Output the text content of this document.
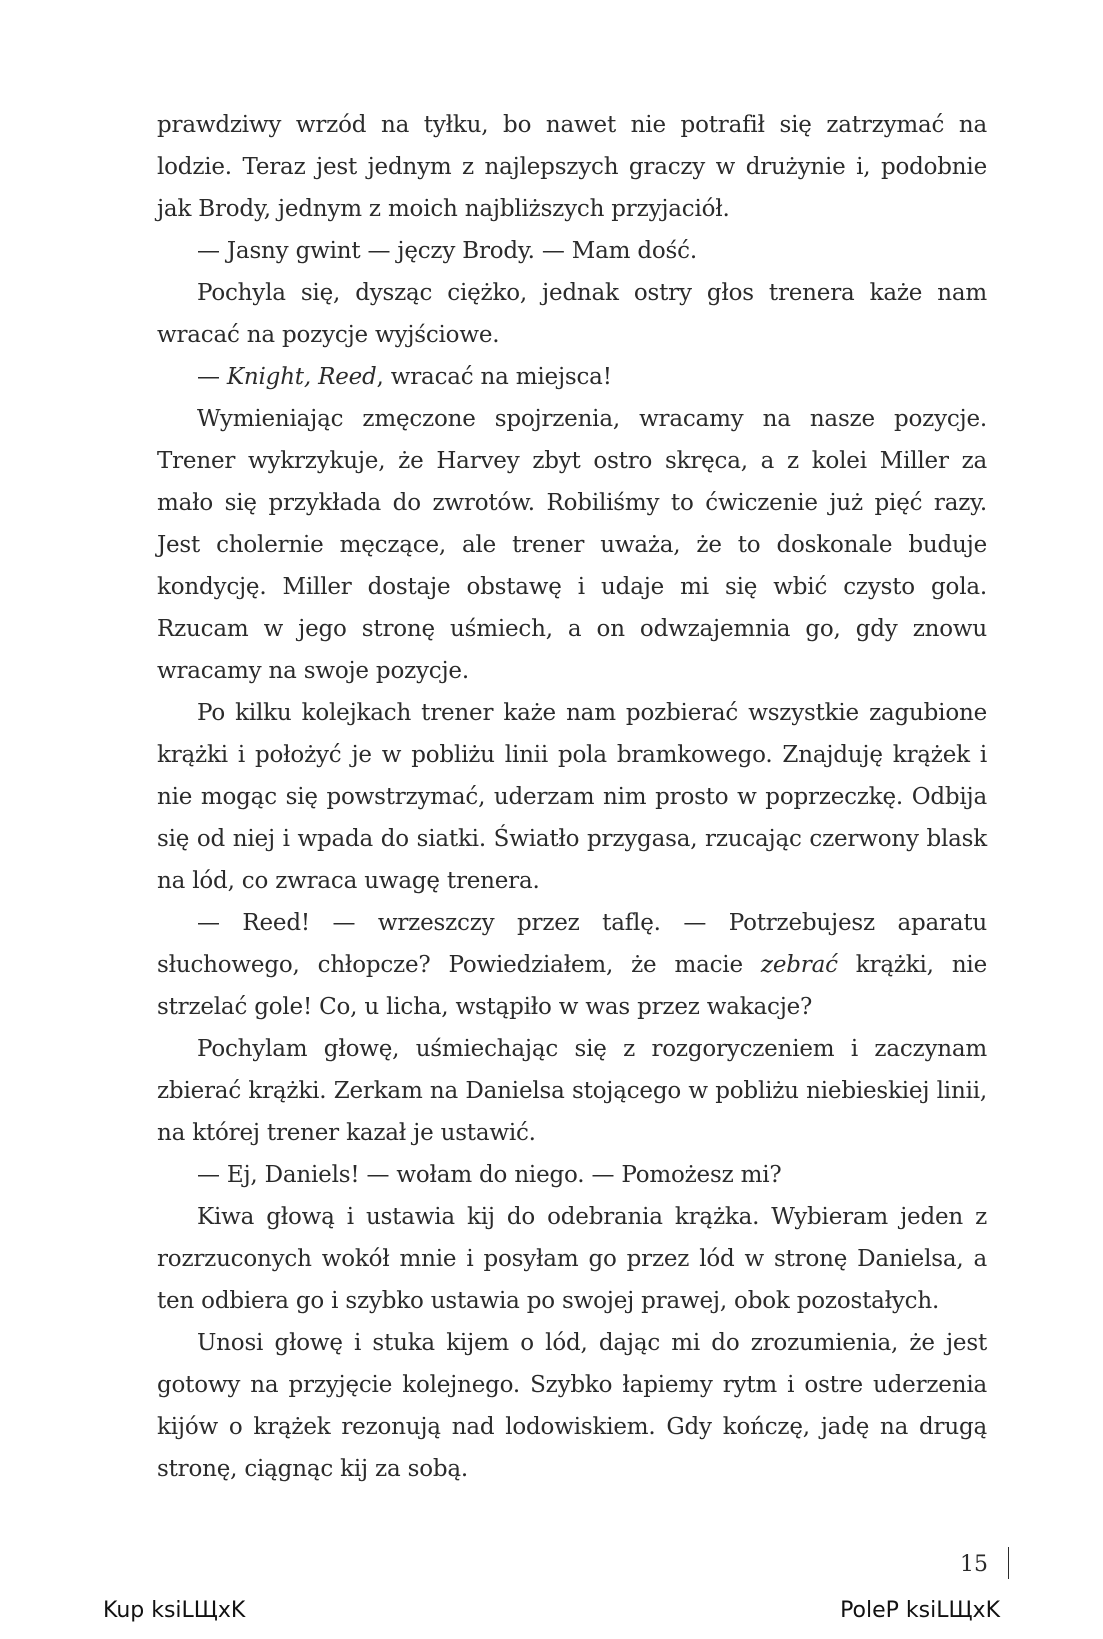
prawdziwy wrzód na tyłku, bo nawet nie potrafił się zatrzymać na lodzie. Teraz jest jednym z najlepszych graczy w drużynie i, podobnie jak Brody, jednym z moich najbliższych przyjaciół.

— Jasny gwint — jęczy Brody. — Mam dość.

Pochyla się, dysząc ciężko, jednak ostry głos trenera każe nam wracać na pozycje wyjściowe.

— Knight, Reed, wracać na miejsca!

Wymieniając zmęczone spojrzenia, wracamy na nasze pozycje. Trener wykrzykuje, że Harvey zbyt ostro skręca, a z kolei Miller za mało się przykłada do zwrotów. Robiliśmy to ćwiczenie już pięć razy. Jest cholernie męczące, ale trener uważa, że to doskonale buduje kondycję. Miller dostaje obstawę i udaje mi się wbić czysto gola. Rzucam w jego stronę uśmiech, a on odwzajemnia go, gdy znowu wracamy na swoje pozycje.

Po kilku kolejkach trener każe nam pozbierać wszystkie zagubione krążki i położyć je w pobliżu linii pola bramkowego. Znajduję krążek i nie mogąc się powstrzymać, uderzam nim prosto w poprzeczkę. Odbija się od niej i wpada do siatki. Światło przygasa, rzucając czerwony blask na lód, co zwraca uwagę trenera.

— Reed! — wrzeszczy przez taflę. — Potrzebujesz aparatu słuchowego, chłopcze? Powiedziałem, że macie zebrać krążki, nie strzelać gole! Co, u licha, wstąpiło w was przez wakacje?

Pochylam głowę, uśmiechając się z rozgoryczeniem i zaczynam zbierać krążki. Zerkam na Danielsa stojącego w pobliżu niebieskiej linii, na której trener kazał je ustawić.

— Ej, Daniels! — wołam do niego. — Pomożesz mi?

Kiwa głową i ustawia kij do odebrania krążka. Wybieram jeden z rozrzuconych wokół mnie i posyłam go przez lód w stronę Danielsa, a ten odbiera go i szybko ustawia po swojej prawej, obok pozostałych.

Unosi głowę i stuka kijem o lód, dając mi do zrozumienia, że jest gotowy na przyjęcie kolejnego. Szybko łapiemy rytm i ostre uderzenia kijów o krążek rezonują nad lodowiskiem. Gdy kończę, jadę na drugą stronę, ciągnąc kij za sobą.

15
Kup ksiLЩxK	PoleP ksiLЩxK
